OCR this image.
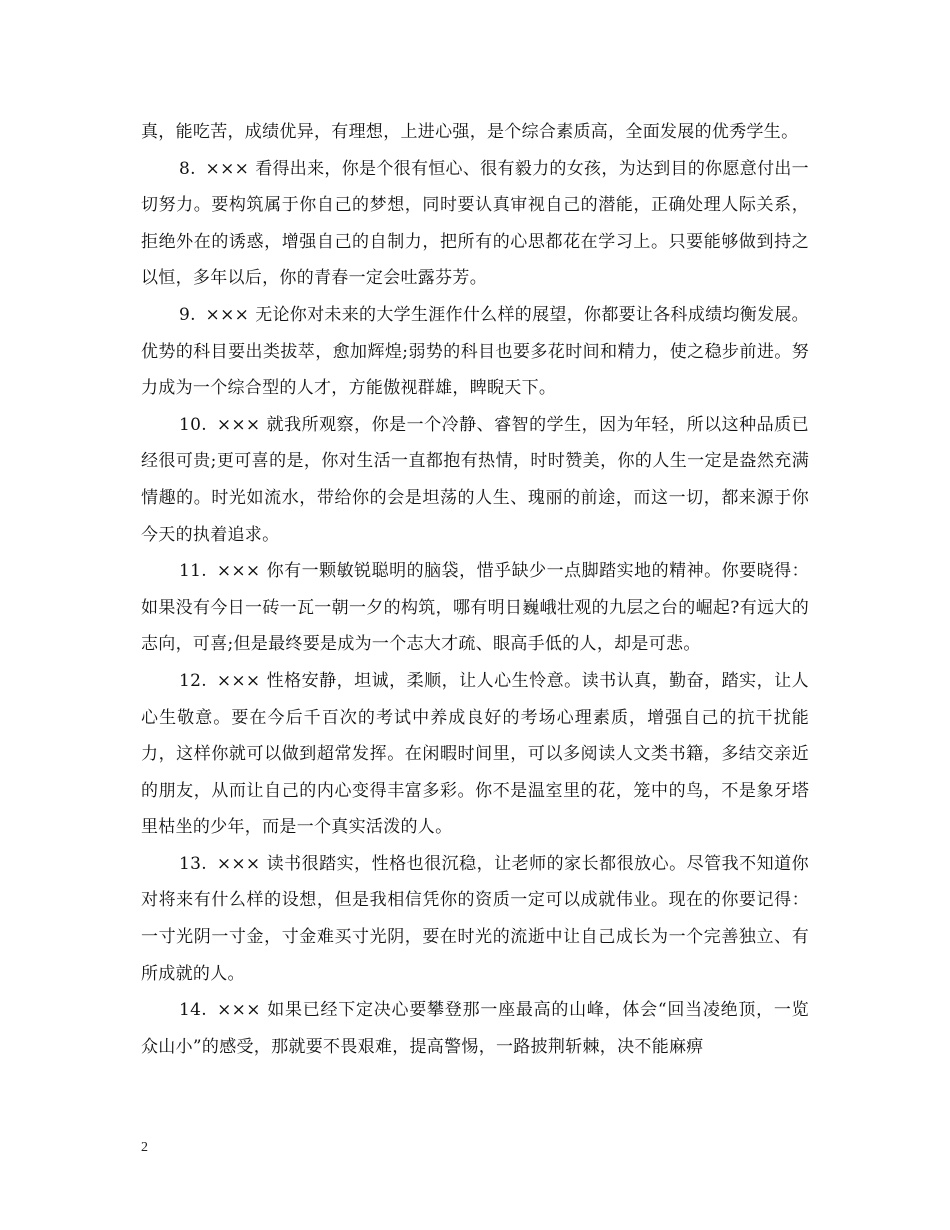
真，能吃苦，成绩优异，有理想，上进心强，是个综合素质高，全面发展的优秀学生。

8. ××× 看得出来，你是个很有恒心、很有毅力的女孩，为达到目的你愿意付出一切努力。要构筑属于你自己的梦想，同时要认真审视自己的潜能，正确处理人际关系，拒绝外在的诱惑，增强自己的自制力，把所有的心思都花在学习上。只要能够做到持之以恒，多年以后，你的青春一定会吐露芬芳。

9. ××× 无论你对未来的大学生涯作什么样的展望，你都要让各科成绩均衡发展。优势的科目要出类拔萃，愈加辉煌;弱势的科目也要多花时间和精力，使之稳步前进。努力成为一个综合型的人才，方能傲视群雄，睥睨天下。

10. ××× 就我所观察，你是一个冷静、睿智的学生，因为年轻，所以这种品质已经很可贵;更可喜的是，你对生活一直都抱有热情，时时赞美，你的人生一定是盎然充满情趣的。时光如流水，带给你的会是坦荡的人生、瑰丽的前途，而这一切，都来源于你今天的执着追求。

11. ××× 你有一颗敏锐聪明的脑袋，惜乎缺少一点脚踏实地的精神。你要晓得：如果没有今日一砖一瓦一朝一夕的构筑，哪有明日巍峨壮观的九层之台的崛起?有远大的志向，可喜;但是最终要是成为一个志大才疏、眼高手低的人，却是可悲。

12. ××× 性格安静，坦诚，柔顺，让人心生怜意。读书认真，勤奋，踏实，让人心生敬意。要在今后千百次的考试中养成良好的考场心理素质，增强自己的抗干扰能力，这样你就可以做到超常发挥。在闲暇时间里，可以多阅读人文类书籍，多结交亲近的朋友，从而让自己的内心变得丰富多彩。你不是温室里的花，笼中的鸟，不是象牙塔里枯坐的少年，而是一个真实活泼的人。

13. ××× 读书很踏实，性格也很沉稳，让老师的家长都很放心。尽管我不知道你对将来有什么样的设想，但是我相信凭你的资质一定可以成就伟业。现在的你要记得：一寸光阴一寸金，寸金难买寸光阴，要在时光的流逝中让自己成长为一个完善独立、有所成就的人。

14. ××× 如果已经下定决心要攀登那一座最高的山峰，体会“回当凌绝顶，一览众山小”的感受，那就要不畏艰难，提高警惕，一路披荆斩棘，决不能麻痹

2
